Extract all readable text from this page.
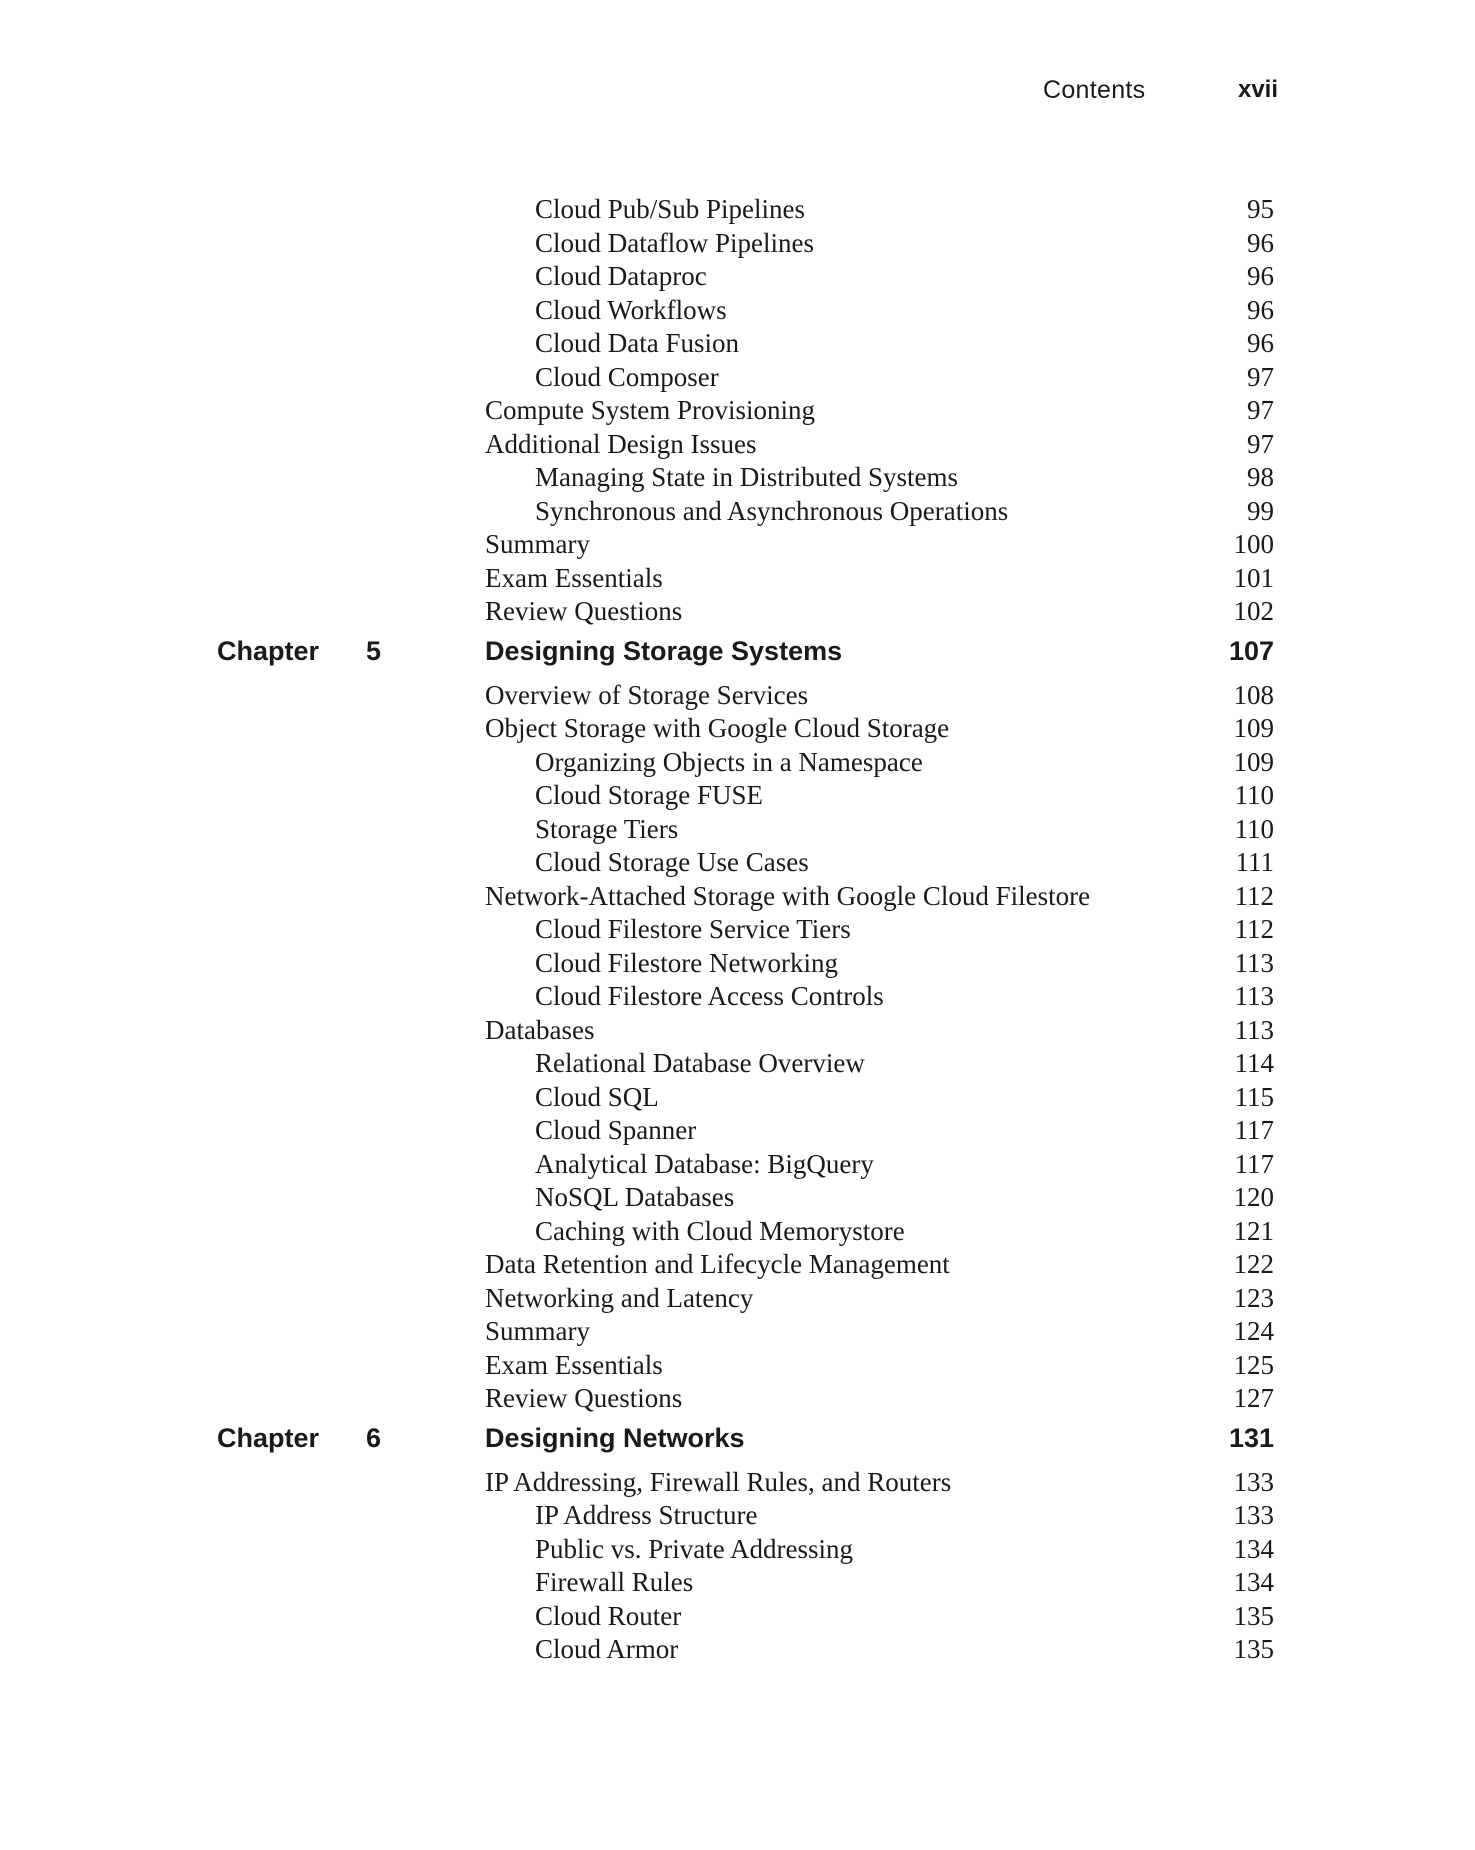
Contents	xvii
Cloud Pub/Sub Pipelines	95
Cloud Dataflow Pipelines	96
Cloud Dataproc	96
Cloud Workflows	96
Cloud Data Fusion	96
Cloud Composer	97
Compute System Provisioning	97
Additional Design Issues	97
Managing State in Distributed Systems	98
Synchronous and Asynchronous Operations	99
Summary	100
Exam Essentials	101
Review Questions	102
Chapter 5	Designing Storage Systems	107
Overview of Storage Services	108
Object Storage with Google Cloud Storage	109
Organizing Objects in a Namespace	109
Cloud Storage FUSE	110
Storage Tiers	110
Cloud Storage Use Cases	111
Network-Attached Storage with Google Cloud Filestore	112
Cloud Filestore Service Tiers	112
Cloud Filestore Networking	113
Cloud Filestore Access Controls	113
Databases	113
Relational Database Overview	114
Cloud SQL	115
Cloud Spanner	117
Analytical Database: BigQuery	117
NoSQL Databases	120
Caching with Cloud Memorystore	121
Data Retention and Lifecycle Management	122
Networking and Latency	123
Summary	124
Exam Essentials	125
Review Questions	127
Chapter 6	Designing Networks	131
IP Addressing, Firewall Rules, and Routers	133
IP Address Structure	133
Public vs. Private Addressing	134
Firewall Rules	134
Cloud Router	135
Cloud Armor	135
